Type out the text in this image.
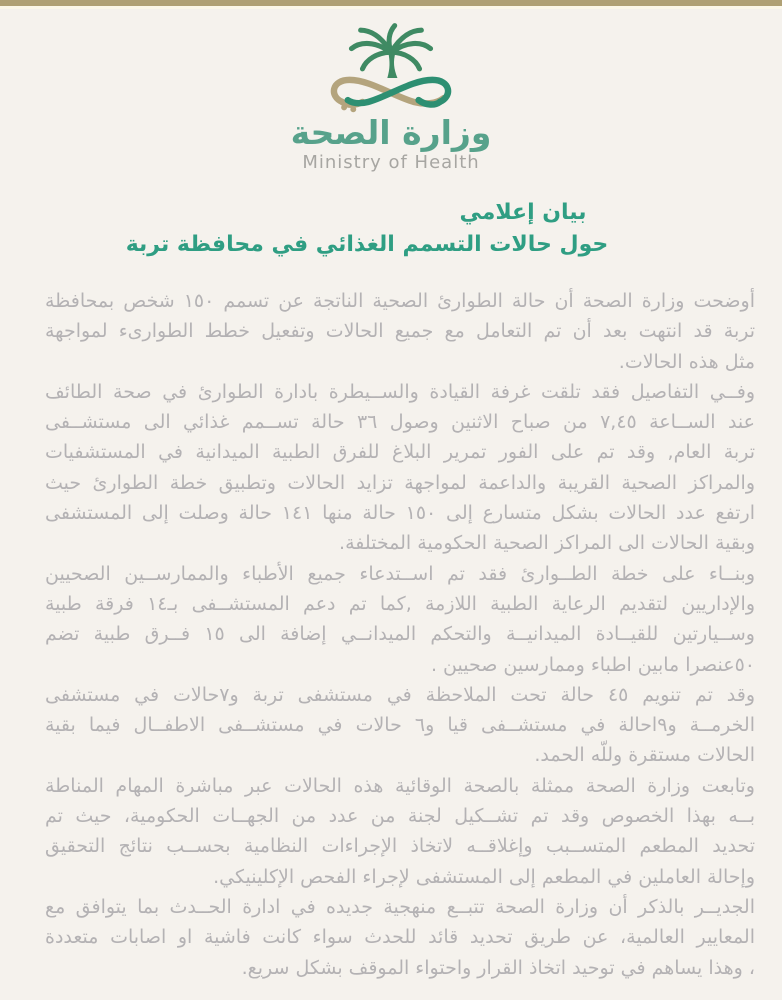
وزارة الصحة
Ministry of Health
بيان إعلامي
حول حالات التسمم الغذائي في محافظة تربة

أوضحت وزارة الصحة أن حالة الطوارئ الصحية الناتجة عن تسمم ١٥٠ شخص بمحافظة
تربة قد انتهت بعد أن تم التعامل مع جميع الحالات وتفعيل خطط الطوارىء لمواجهة
مثل هذه الحالات.

وفــي التفاصيل فقد تلقت غرفة القيادة والســيطرة بادارة الطوارئ في صحة الطائف
عند الســاعة ٧,٤٥ من صباح الاثنين وصول ٣٦ حالة تســمم غذائي الى مستشــفى
تربة العام, وقد تم على الفور تمرير البلاغ للفرق الطبية الميدانية في المستشفيات
والمراكز الصحية القريبة والداعمة لمواجهة تزايد الحالات وتطبيق خطة الطوارئ حيث
ارتفع عدد الحالات بشكل متسارع إلى ١٥٠ حالة منها ١٤١ حالة وصلت إلى المستشفى
وبقية الحالات الى المراكز الصحية الحكومية المختلفة.

وبنــاء على خطة الطــوارئ فقد تم اســتدعاء جميع الأطباء والممارســين الصحيين
والإداريين لتقديم الرعاية الطبية اللازمة ,كما تم دعم المستشــفى بـ١٤ فرقة طبية
وســيارتين للقيــادة الميدانيــة والتحكم الميدانــي إضافة الى ١٥ فــرق طبية تضم
٥٠عنصرا مابين اطباء وممارسين صحيين .

وقد تم تنويم ٤٥ حالة تحت الملاحظة في مستشفى تربة و٧حالات في مستشفى
الخرمــة و٩احالة في مستشــفى قيا و٦ حالات في مستشــفى الاطفــال فيما بقية
الحالات مستقرة وللّه الحمد.

وتابعت وزارة الصحة ممثلة بالصحة الوقائية هذه الحالات عبر مباشرة المهام المناطة
بــه بهذا الخصوص وقد تم تشــكيل لجنة من عدد من الجهــات الحكومية، حيث تم
تحديد المطعم المتســبب وإغلاقــه لاتخاذ الإجراءات النظامية بحســب نتائج التحقيق
وإحالة العاملين في المطعم إلى المستشفى لإجراء الفحص الإكلينيكي.

الجديــر بالذكر أن وزارة الصحة تتبــع منهجية جديده في ادارة الحــدث بما يتوافق مع
المعايير العالمية، عن طريق تحديد قائد للحدث سواء كانت فاشية او اصابات متعددة
، وهذا يساهم في توحيد اتخاذ القرار واحتواء الموقف بشكل سريع.
